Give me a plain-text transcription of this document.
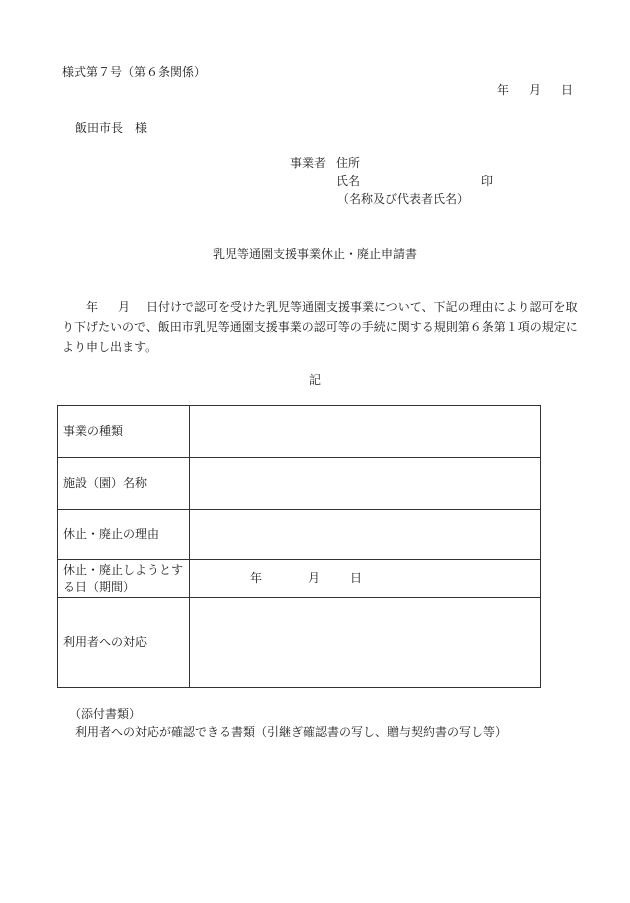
様式第７号（第６条関係）
年 月 日
飯田市長　様
事業者 住所
氏名	印
（名称及び代表者氏名）
乳児等通園支援事業休止・廃止申請書
年 月 日付けで認可を受けた乳児等通園支援事業について、下記の理由により認可を取り下げたいので、飯田市乳児等通園支援事業の認可等の手続に関する規則第６条第１項の規定により申し出ます。
記
事業の種類	
施設（園）名称	
休止・廃止の理由	
休止・廃止しようとする日（期間）	年 月 日
利用者への対応	
（添付書類）
利用者への対応が確認できる書類（引継ぎ確認書の写し、贈与契約書の写し等）
